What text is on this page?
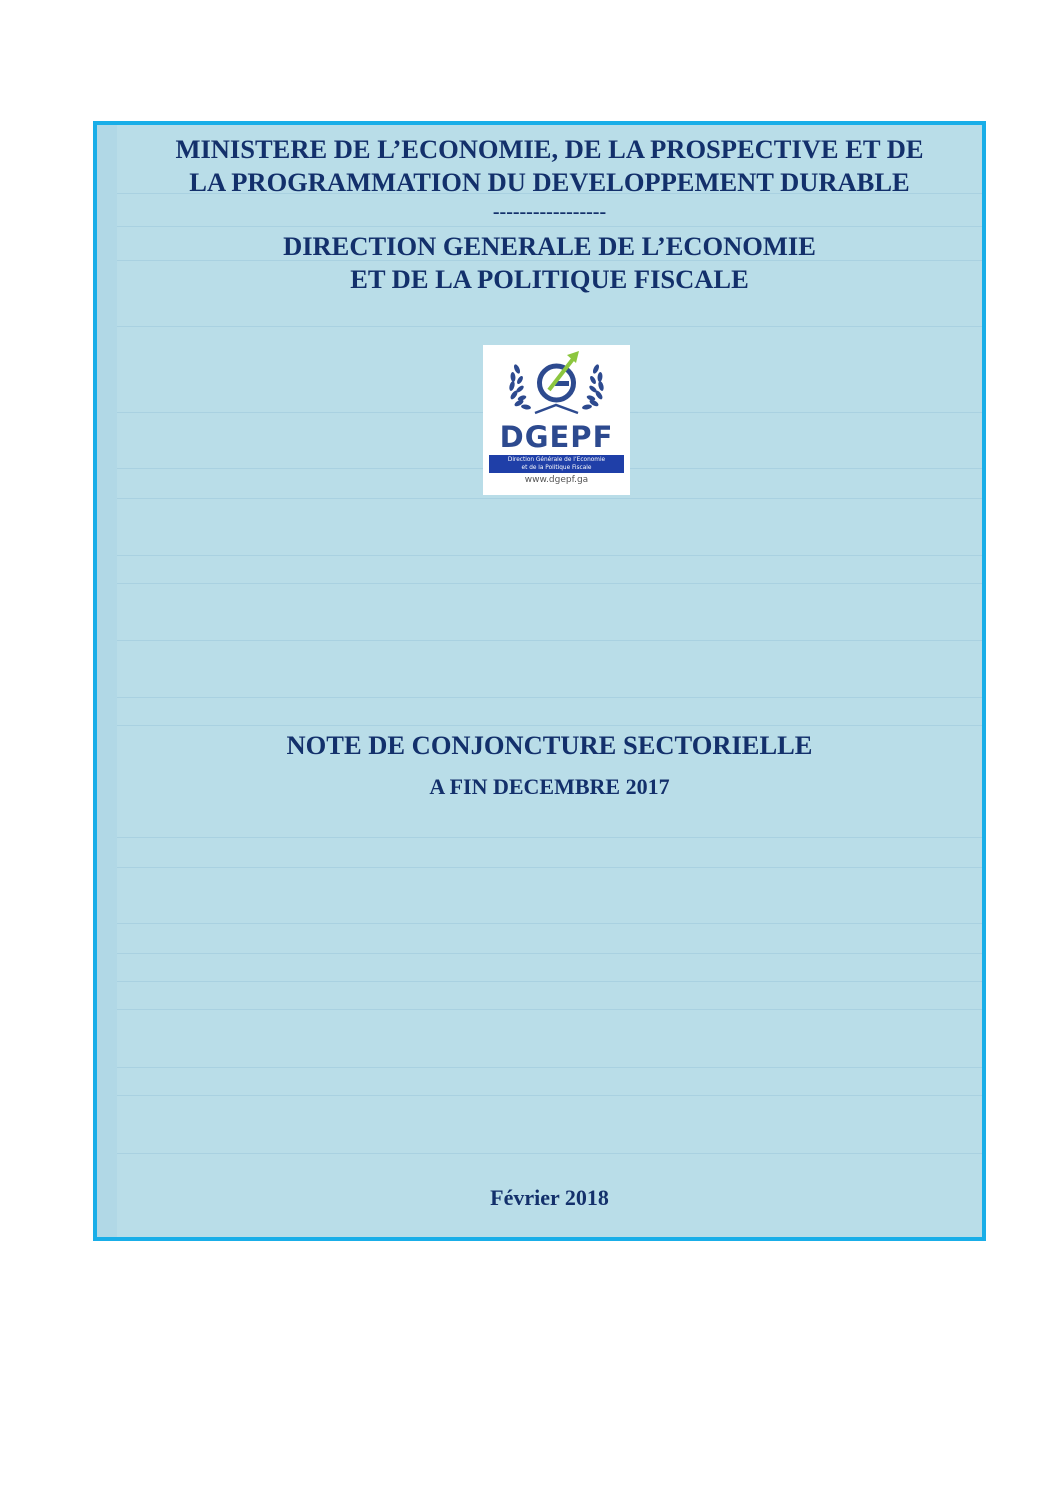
MINISTERE DE L’ECONOMIE, DE LA PROSPECTIVE ET DE
LA PROGRAMMATION DU DEVELOPPEMENT DURABLE
-----------------
DIRECTION GENERALE DE L’ECONOMIE
ET DE LA POLITIQUE FISCALE
DGEPF
Direction Générale de l’Economie
et de la Politique Fiscale
www.dgepf.ga
NOTE DE CONJONCTURE SECTORIELLE
A FIN DECEMBRE 2017
Février 2018
